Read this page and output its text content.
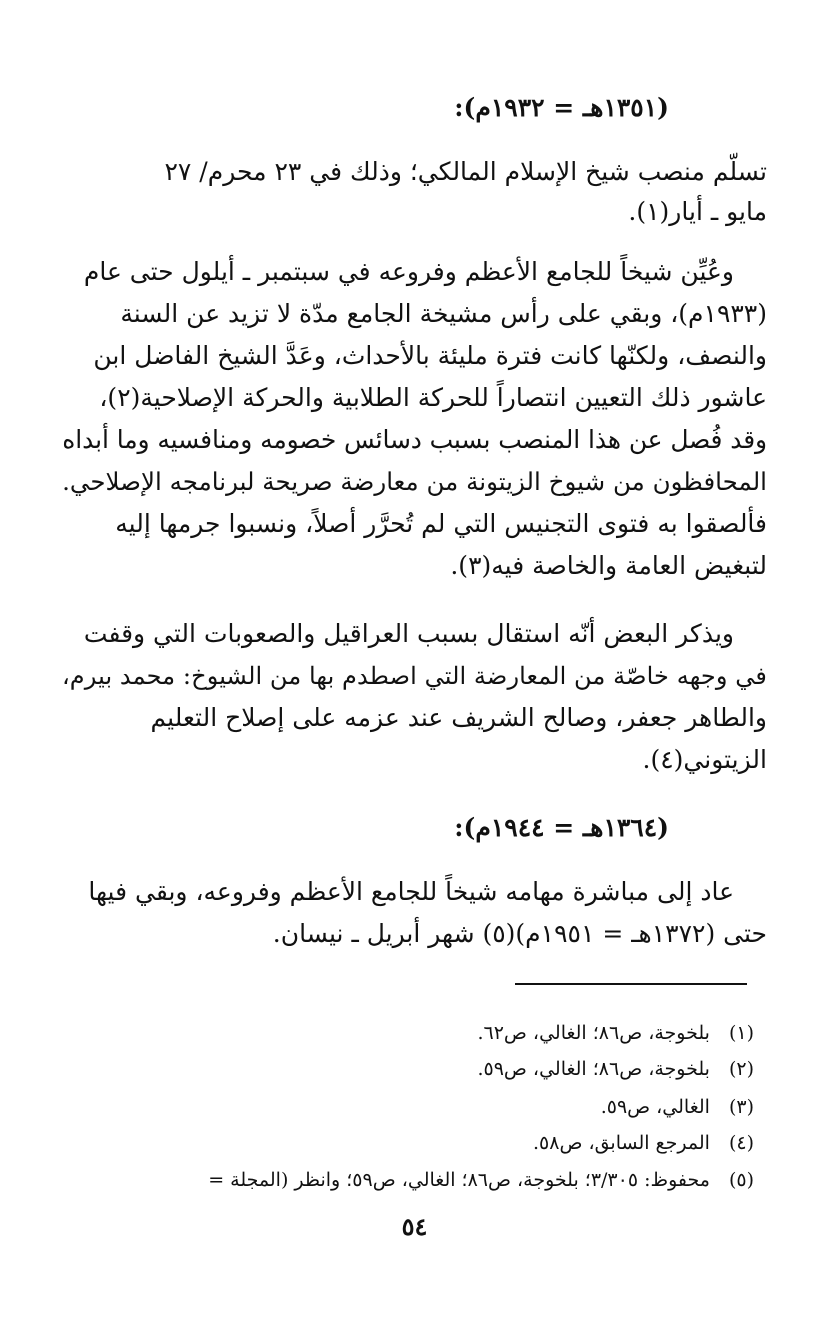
(١٣٥١هـ = ١٩٣٢م):
تسلّم منصب شيخ الإسلام المالكي؛ وذلك في ٢٣ محرم/ ٢٧
مايو ـ أيار(١).
وعُيِّن شيخاً للجامع الأعظم وفروعه في سبتمبر ـ أيلول حتى عام
(١٩٣٣م)، وبقي على رأس مشيخة الجامع مدّة لا تزيد عن السنة
والنصف، ولكنّها كانت فترة مليئة بالأحداث، وعَدَّ الشيخ الفاضل ابن
عاشور ذلك التعيين انتصاراً للحركة الطلابية والحركة الإصلاحية(٢)،
وقد فُصل عن هذا المنصب بسبب دسائس خصومه ومنافسيه وما أبداه
المحافظون من شيوخ الزيتونة من معارضة صريحة لبرنامجه الإصلاحي.
فألصقوا به فتوى التجنيس التي لم تُحرَّر أصلاً، ونسبوا جرمها إليه
لتبغيض العامة والخاصة فيه(٣).
ويذكر البعض أنّه استقال بسبب العراقيل والصعوبات التي وقفت
في وجهه خاصّة من المعارضة التي اصطدم بها من الشيوخ: محمد بيرم،
والطاهر جعفر، وصالح الشريف عند عزمه على إصلاح التعليم
الزيتوني(٤).
(١٣٦٤هـ = ١٩٤٤م):
عاد إلى مباشرة مهامه شيخاً للجامع الأعظم وفروعه، وبقي فيها
حتى (١٣٧٢هـ = ١٩٥١م)(٥) شهر أبريل ـ نيسان.
(١) بلخوجة، ص٨٦؛ الغالي، ص٦٢.
(٢) بلخوجة، ص٨٦؛ الغالي، ص٥٩.
(٣) الغالي، ص٥٩.
(٤) المرجع السابق، ص٥٨.
(٥) محفوظ: ٣/٣٠٥؛ بلخوجة، ص٨٦؛ الغالي، ص٥٩؛ وانظر (المجلة =
٥٤
